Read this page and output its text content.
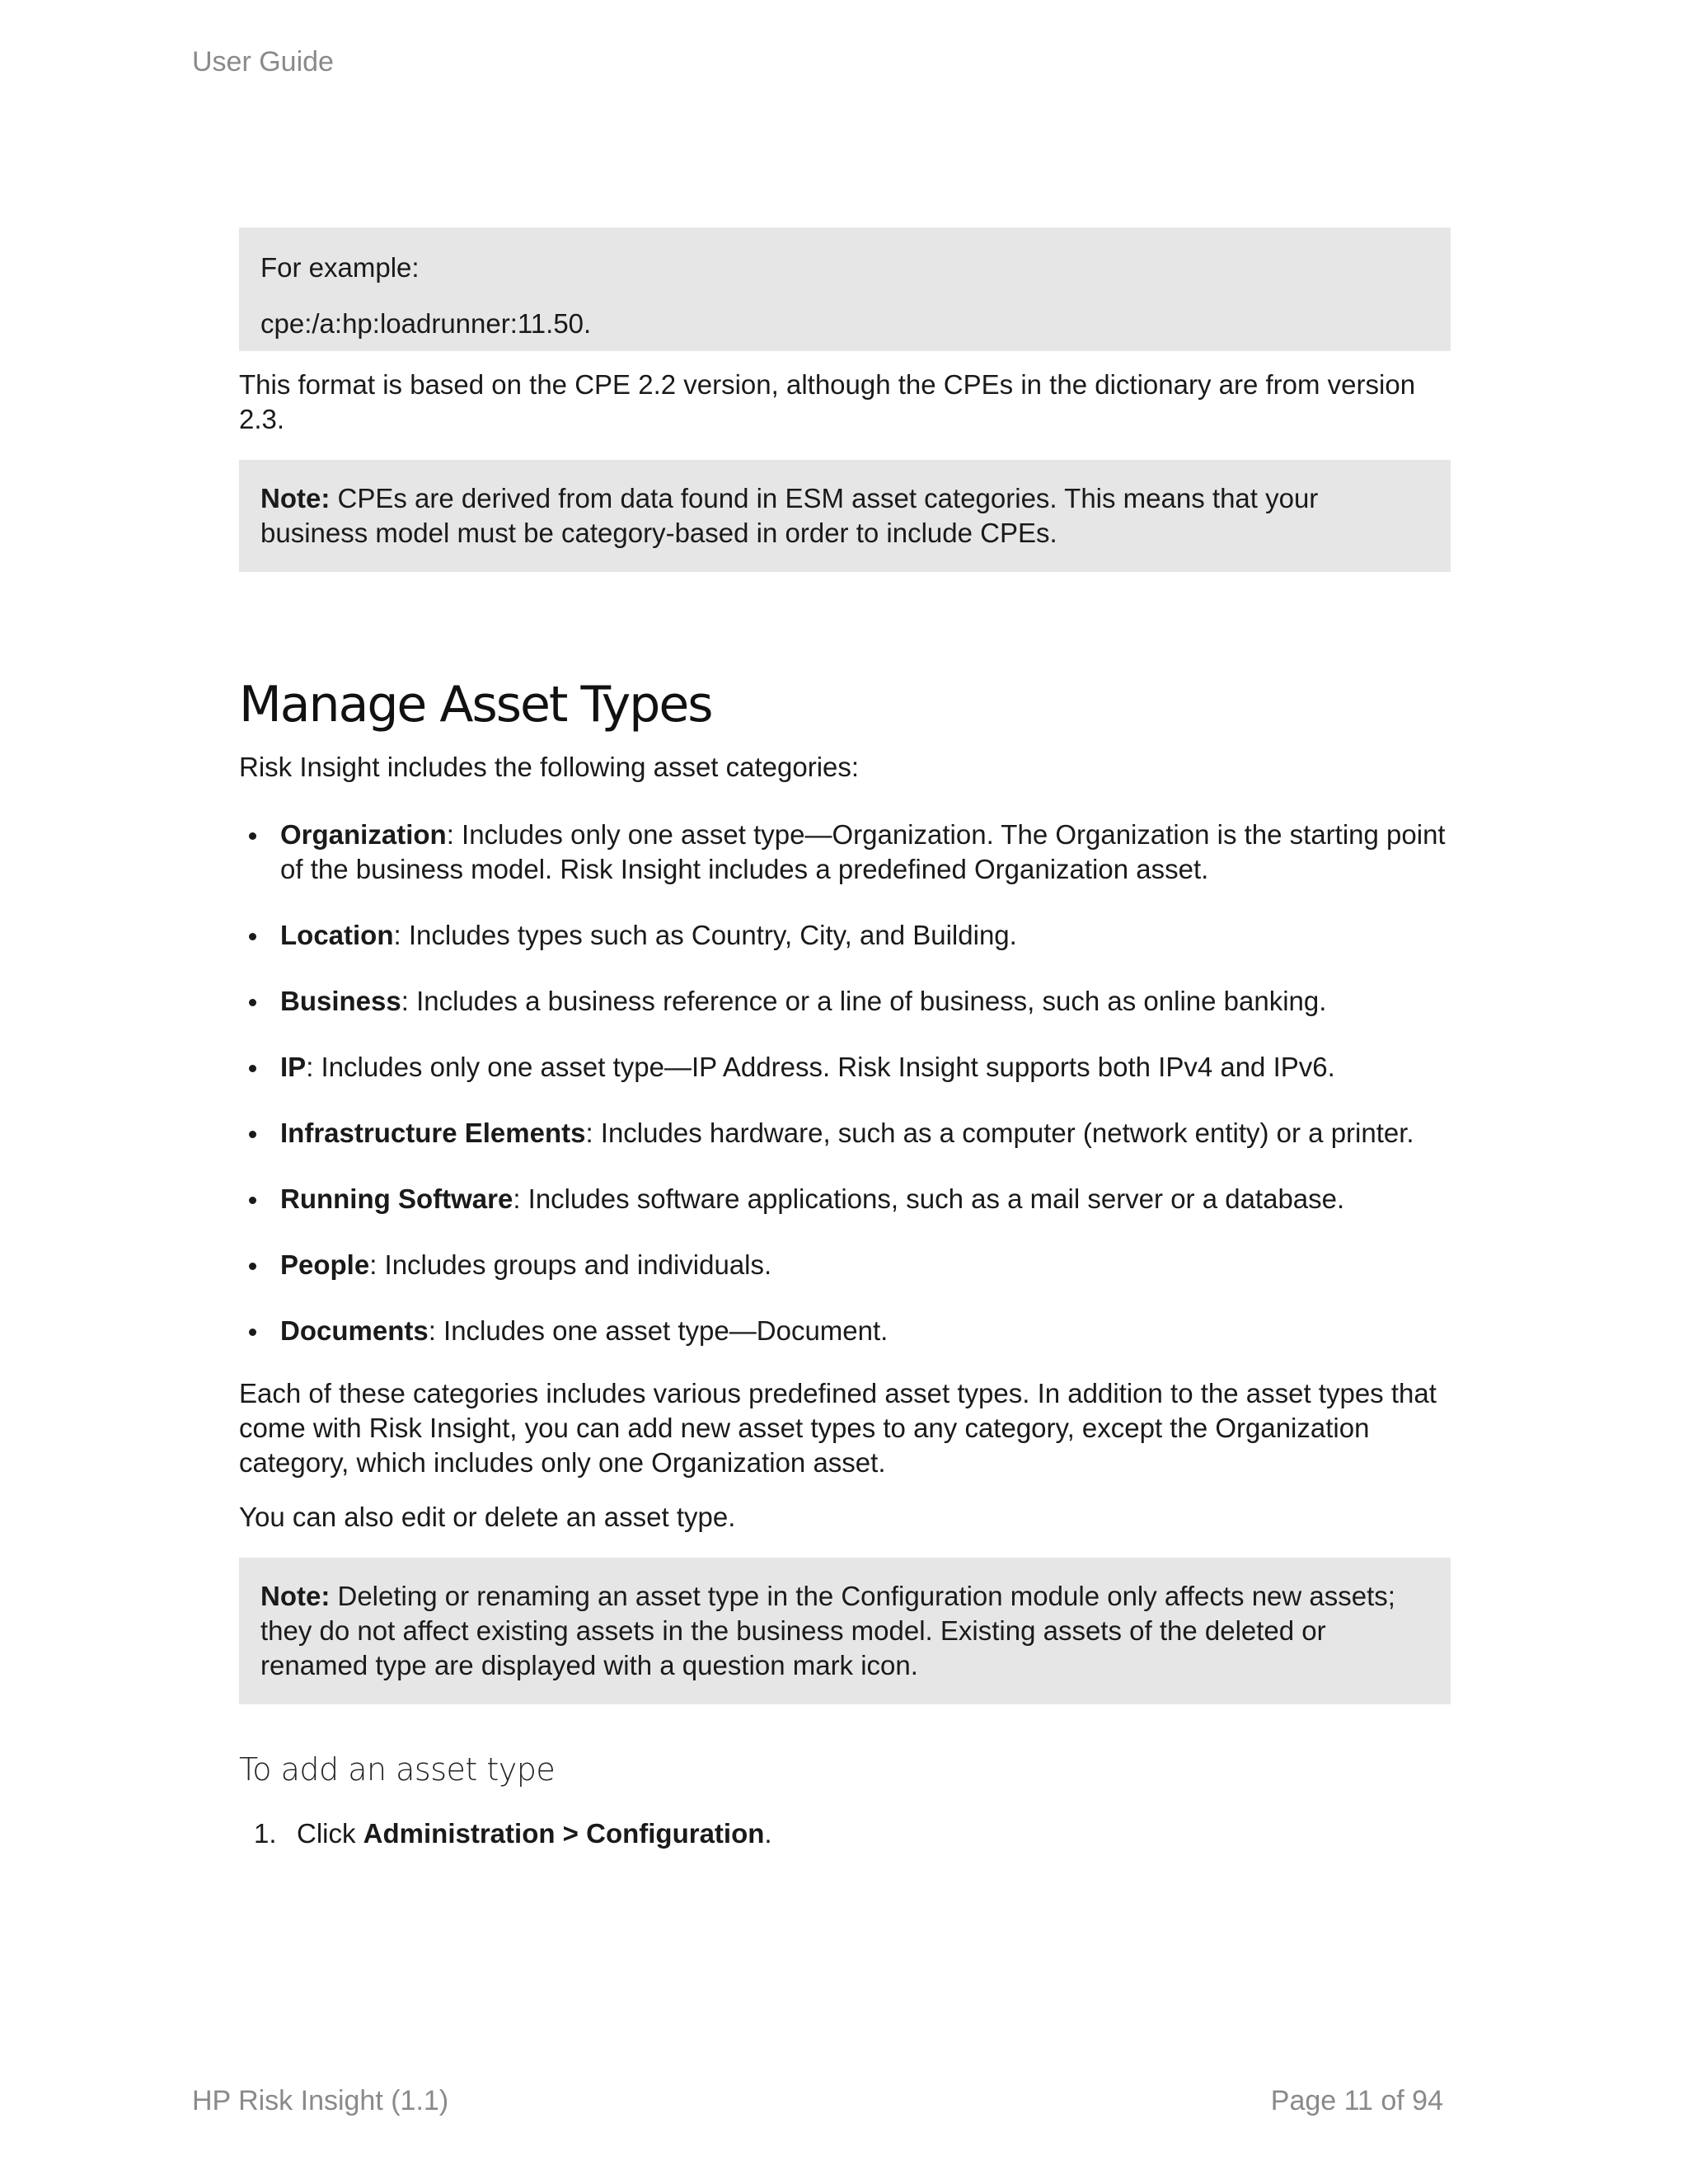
User Guide

For example:

cpe:/a:hp:loadrunner:11.50.

This format is based on the CPE 2.2 version, although the CPEs in the dictionary are from version 2.3.

Note: CPEs are derived from data found in ESM asset categories. This means that your business model must be category-based in order to include CPEs.

Manage Asset Types

Risk Insight includes the following asset categories:

Organization: Includes only one asset type—Organization. The Organization is the starting point of the business model. Risk Insight includes a predefined Organization asset.
Location: Includes types such as Country, City, and Building.
Business: Includes a business reference or a line of business, such as online banking.
IP: Includes only one asset type—IP Address. Risk Insight supports both IPv4 and IPv6.
Infrastructure Elements: Includes hardware, such as a computer (network entity) or a printer.
Running Software: Includes software applications, such as a mail server or a database.
People: Includes groups and individuals.
Documents: Includes one asset type—Document.

Each of these categories includes various predefined asset types. In addition to the asset types that come with Risk Insight, you can add new asset types to any category, except the Organization category, which includes only one Organization asset.

You can also edit or delete an asset type.

Note: Deleting or renaming an asset type in the Configuration module only affects new assets; they do not affect existing assets in the business model. Existing assets of the deleted or renamed type are displayed with a question mark icon.

To add an asset type
1. Click Administration > Configuration.
HP Risk Insight (1.1)	Page 11 of 94
